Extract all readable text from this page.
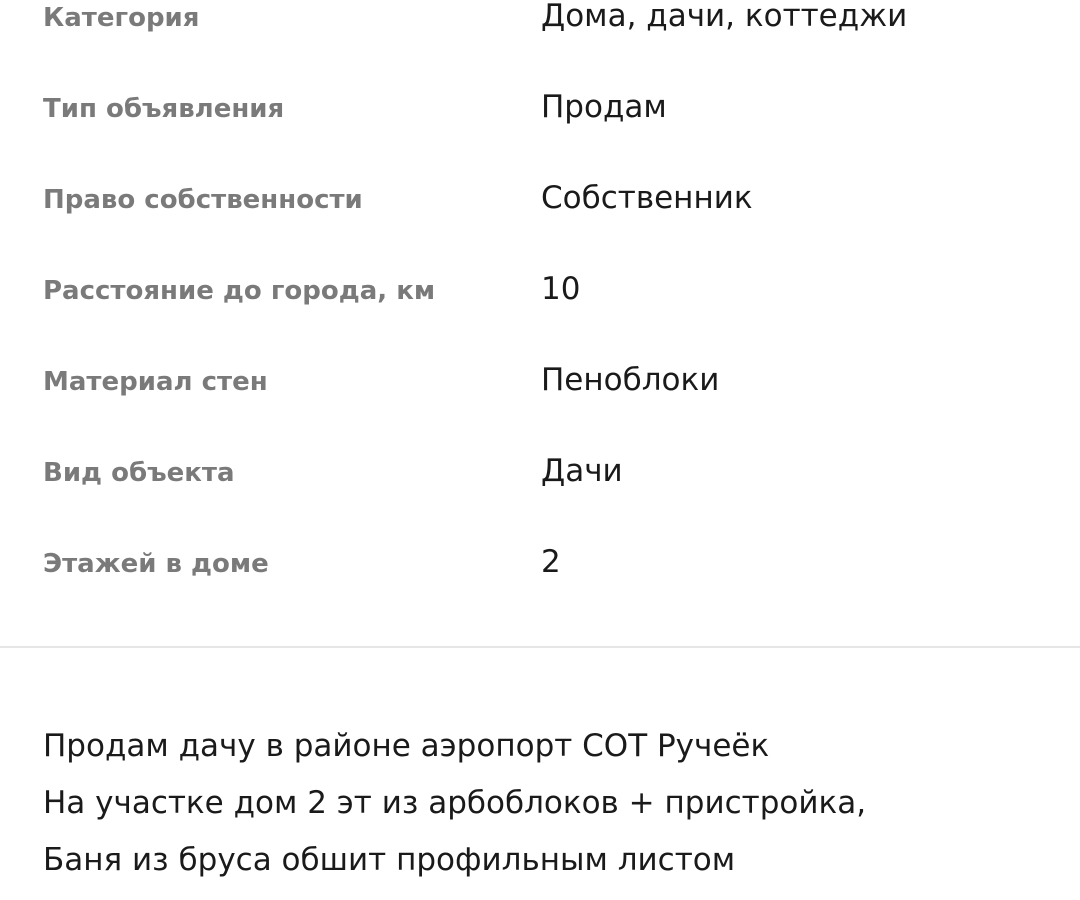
Категория	Дома, дачи, коттеджи
Тип объявления	Продам
Право собственности	Собственник
Расстояние до города, км	10
Материал стен	Пеноблоки
Вид объекта	Дачи
Этажей в доме	2
Продам дачу в районе аэропорт СОТ Ручеёк
На участке дом 2 эт из арбоблоков + пристройка,
Баня из бруса обшит профильным листом
